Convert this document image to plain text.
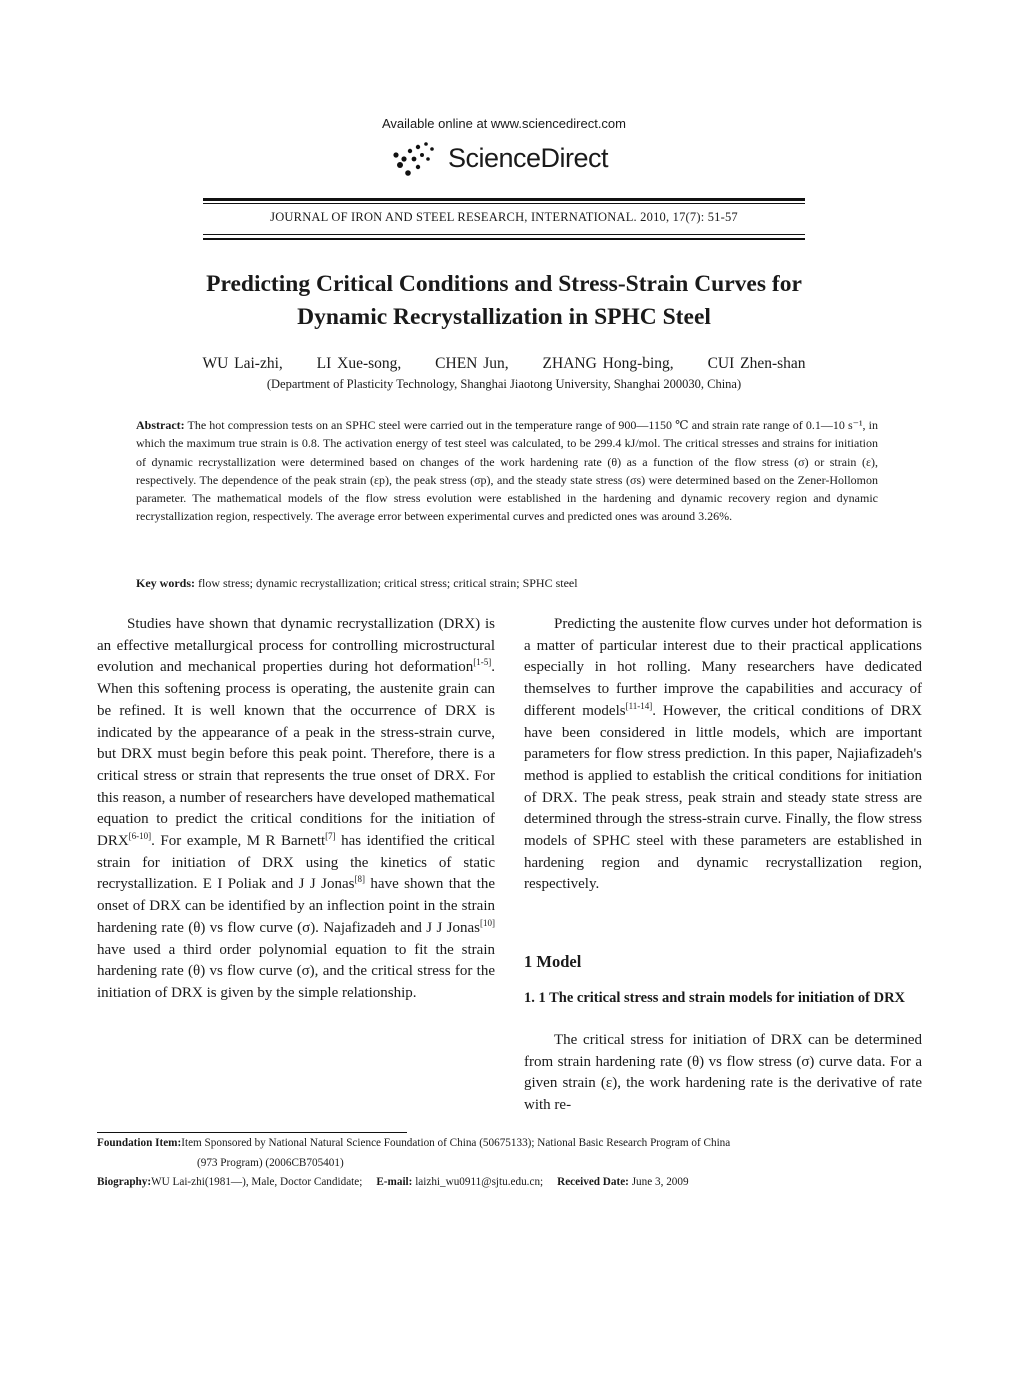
Available online at www.sciencedirect.com
ScienceDirect
JOURNAL OF IRON AND STEEL RESEARCH, INTERNATIONAL. 2010, 17(7): 51-57
Predicting Critical Conditions and Stress-Strain Curves for
Dynamic Recrystallization in SPHC Steel
WU Lai-zhi, LI Xue-song, CHEN Jun, ZHANG Hong-bing, CUI Zhen-shan
(Department of Plasticity Technology, Shanghai Jiaotong University, Shanghai 200030, China)
Abstract: The hot compression tests on an SPHC steel were carried out in the temperature range of 900—1150 ℃ and strain rate range of 0.1—10 s⁻¹, in which the maximum true strain is 0.8. The activation energy of test steel was calculated, to be 299.4 kJ/mol. The critical stresses and strains for initiation of dynamic recrystallization were determined based on changes of the work hardening rate (θ) as a function of the flow stress (σ) or strain (ε), respectively. The dependence of the peak strain (εp), the peak stress (σp), and the steady state stress (σs) were determined based on the Zener-Hollomon parameter. The mathematical models of the flow stress evolution were established in the hardening and dynamic recovery region and dynamic recrystallization region, respectively. The average error between experimental curves and predicted ones was around 3.26%.
Key words: flow stress; dynamic recrystallization; critical stress; critical strain; SPHC steel

Studies have shown that dynamic recrystallization (DRX) is an effective metallurgical process for controlling microstructural evolution and mechanical properties during hot deformation[1-5]. When this softening process is operating, the austenite grain can be refined. It is well known that the occurrence of DRX is indicated by the appearance of a peak in the stress-strain curve, but DRX must begin before this peak point. Therefore, there is a critical stress or strain that represents the true onset of DRX. For this reason, a number of researchers have developed mathematical equation to predict the critical conditions for the initiation of DRX[6-10]. For example, M R Barnett[7] has identified the critical strain for initiation of DRX using the kinetics of static recrystallization. E I Poliak and J J Jonas[8] have shown that the onset of DRX can be identified by an inflection point in the strain hardening rate (θ) vs flow curve (σ). Najafizadeh and J J Jonas[10] have used a third order polynomial equation to fit the strain hardening rate (θ) vs flow curve (σ), and the critical stress for the initiation of DRX is given by the simple relationship.

Predicting the austenite flow curves under hot deformation is a matter of particular interest due to their practical applications especially in hot rolling. Many researchers have dedicated themselves to further improve the capabilities and accuracy of different models[11-14]. However, the critical conditions of DRX have been considered in little models, which are important parameters for flow stress prediction. In this paper, Najiafizadeh's method is applied to establish the critical conditions for initiation of DRX. The peak stress, peak strain and steady state stress are determined through the stress-strain curve. Finally, the flow stress models of SPHC steel with these parameters are established in hardening region and dynamic recrystallization region, respectively.

1 Model
1. 1 The critical stress and strain models for initiation of DRX

The critical stress for initiation of DRX can be determined from strain hardening rate (θ) vs flow stress (σ) curve data. For a given strain (ε), the work hardening rate is the derivative of rate with re-

Foundation Item:Item Sponsored by National Natural Science Foundation of China (50675133); National Basic Research Program of China
(973 Program) (2006CB705401)
Biography:WU Lai-zhi(1981—), Male, Doctor Candidate; E-mail: laizhi_wu0911@sjtu.edu.cn; Received Date: June 3, 2009
